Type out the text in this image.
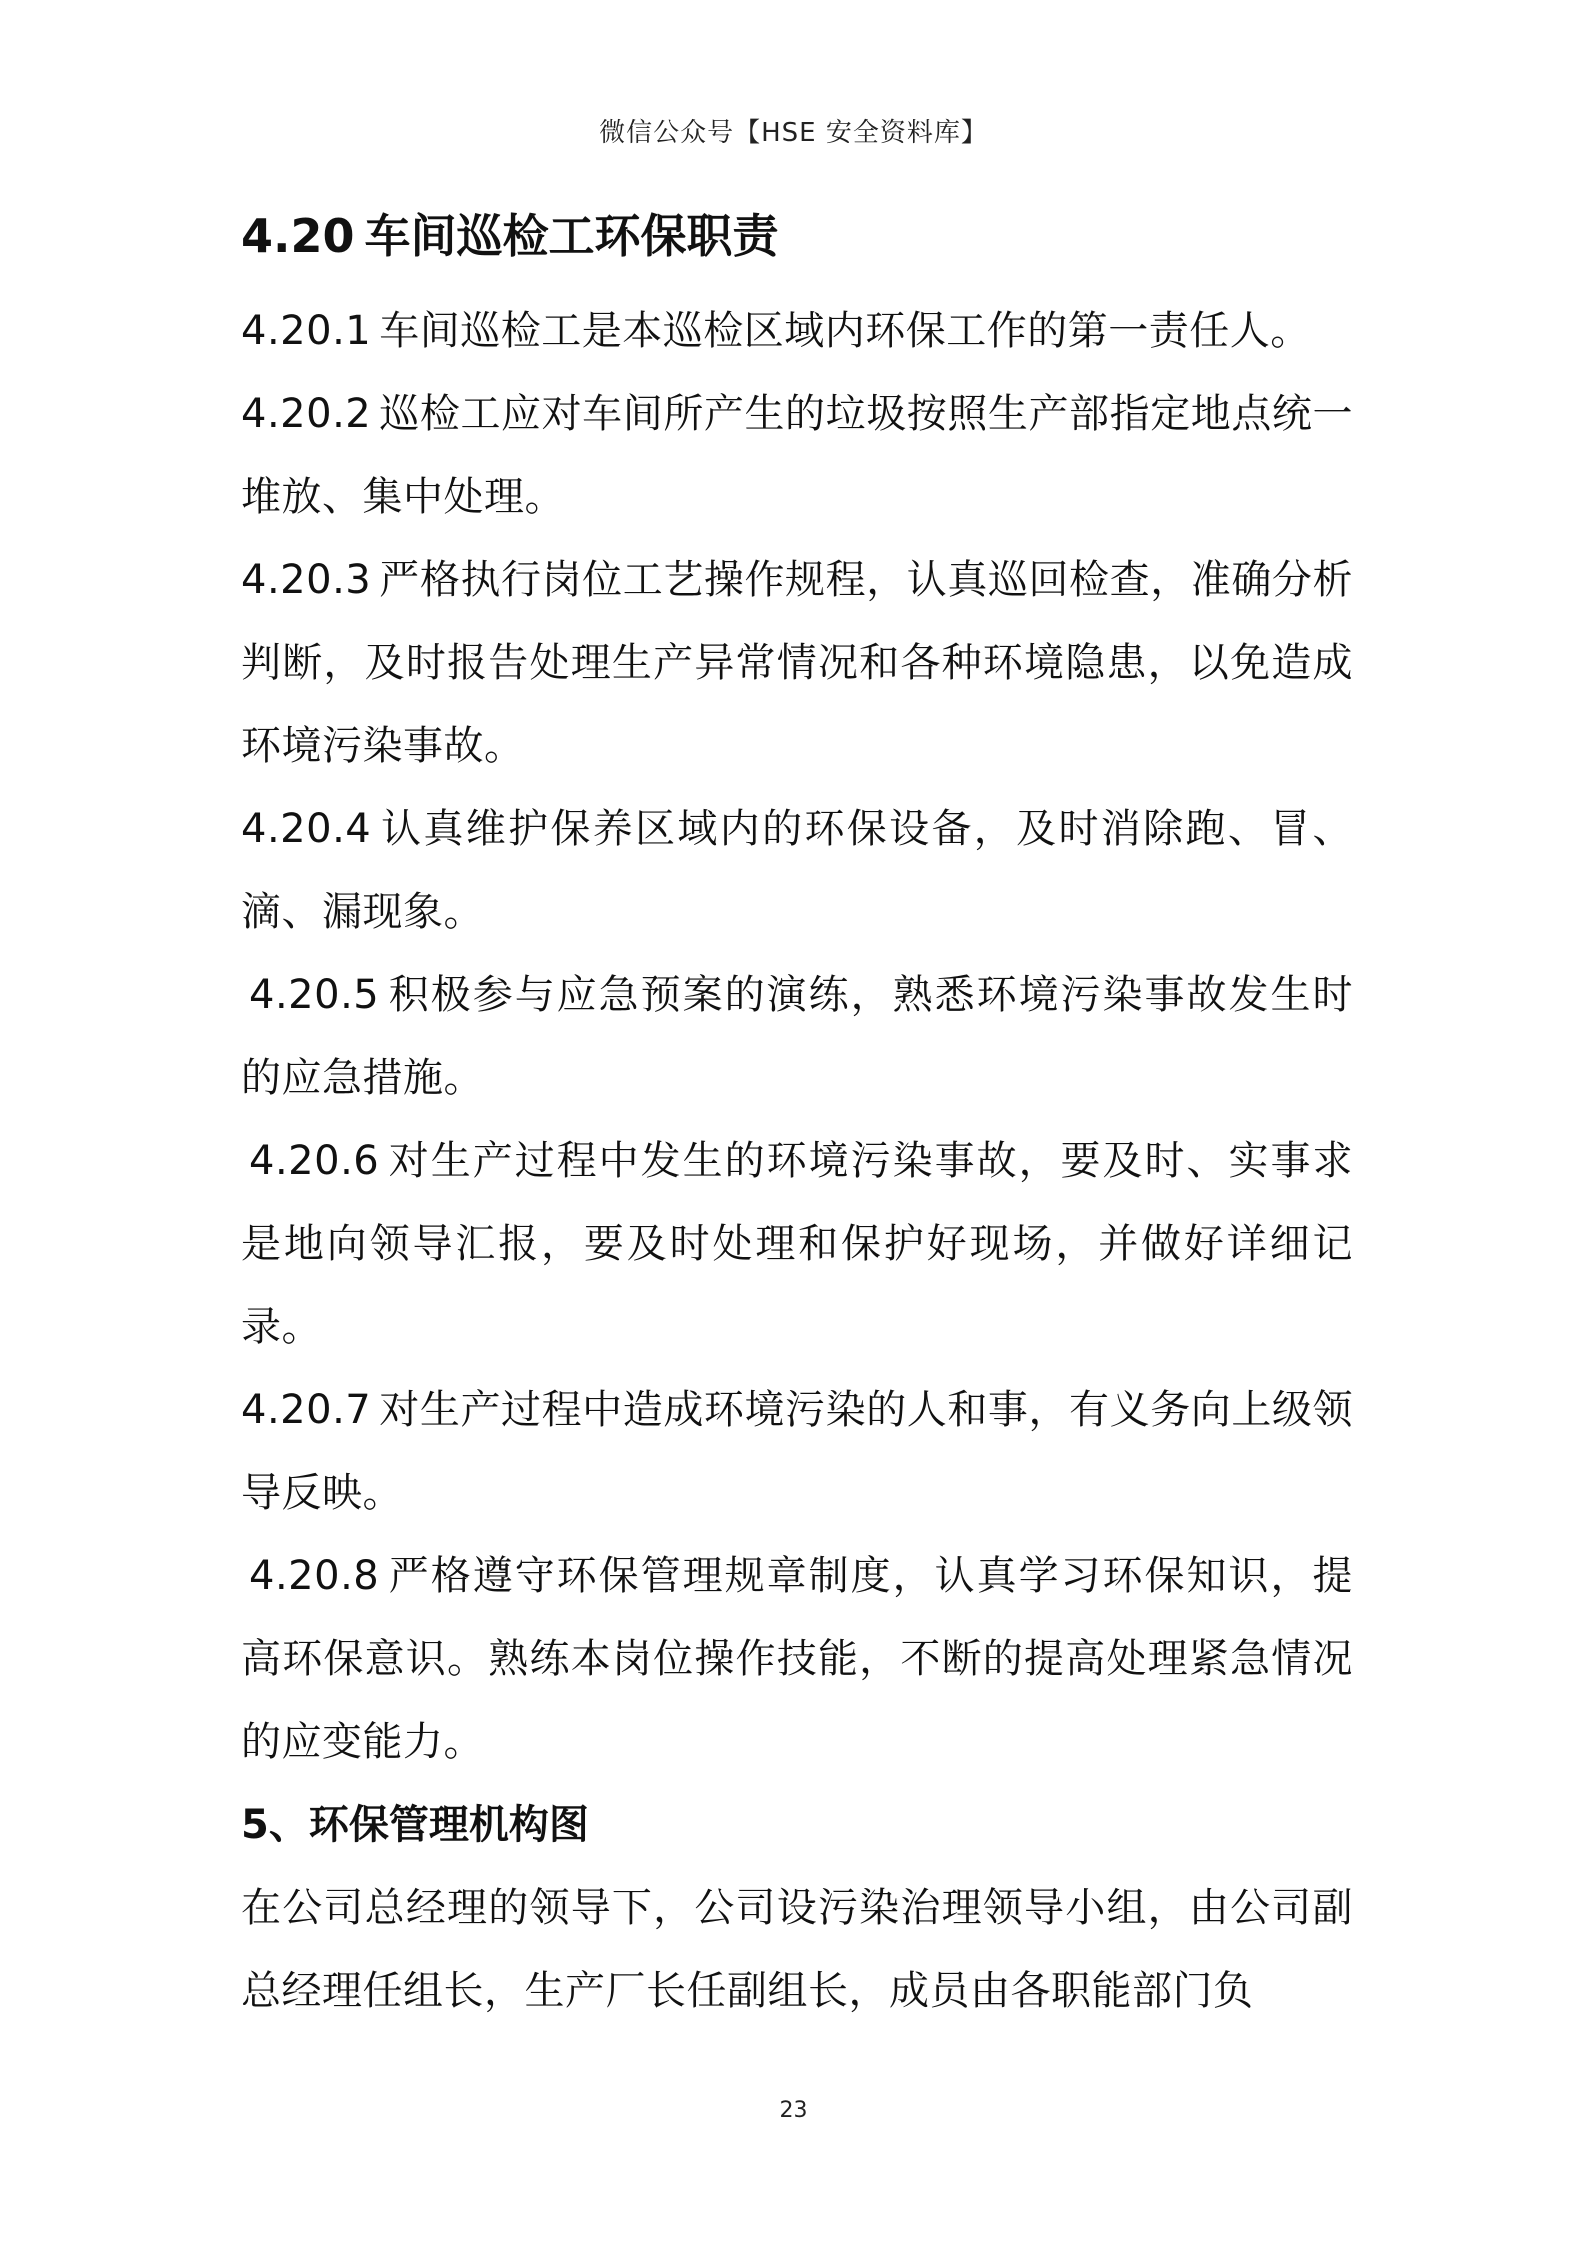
微信公众号【HSE 安全资料库】
4.20 车间巡检工环保职责

4.20.1 车间巡检工是本巡检区域内环保工作的第一责任人。

4.20.2 巡检工应对车间所产生的垃圾按照生产部指定地点统一堆放、集中处理。

4.20.3 严格执行岗位工艺操作规程，认真巡回检查，准确分析判断，及时报告处理生产异常情况和各种环境隐患，以免造成环境污染事故。

4.20.4 认真维护保养区域内的环保设备，及时消除跑、冒、滴、漏现象。

4.20.5 积极参与应急预案的演练，熟悉环境污染事故发生时的应急措施。

4.20.6 对生产过程中发生的环境污染事故，要及时、实事求是地向领导汇报，要及时处理和保护好现场，并做好详细记录。

4.20.7 对生产过程中造成环境污染的人和事，有义务向上级领导反映。

4.20.8 严格遵守环保管理规章制度，认真学习环保知识，提高环保意识。熟练本岗位操作技能，不断的提高处理紧急情况的应变能力。

5、环保管理机构图

在公司总经理的领导下，公司设污染治理领导小组，由公司副总经理任组长，生产厂长任副组长，成员由各职能部门负

23
